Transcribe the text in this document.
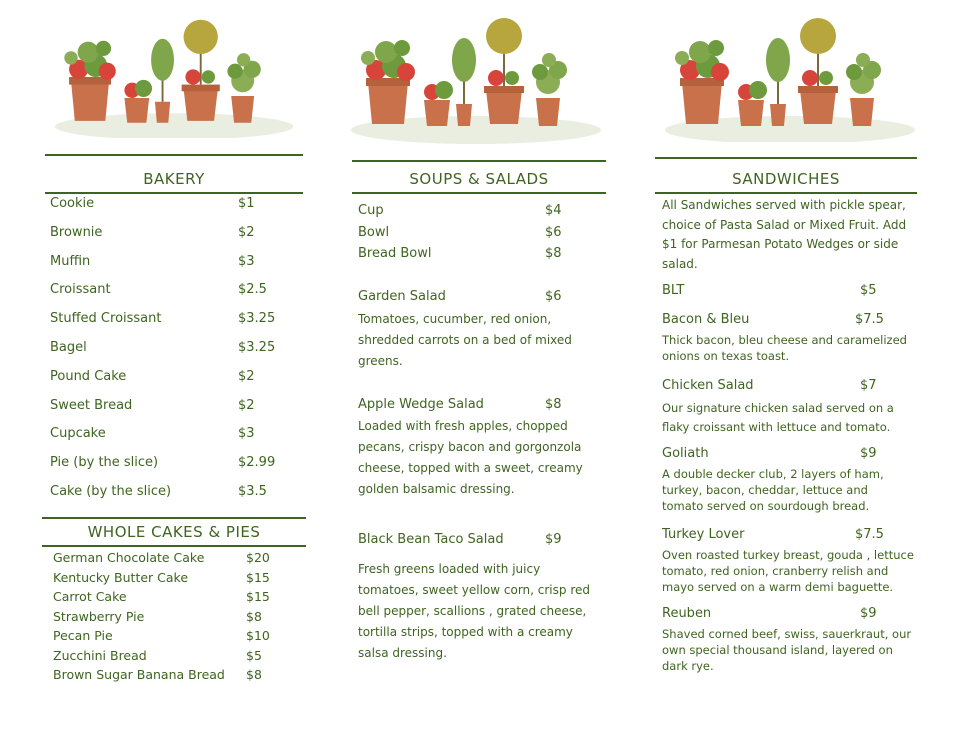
BAKERY
Cookie	$1
Brownie	$2
Muffin	$3
Croissant	$2.5
Stuffed Croissant	$3.25
Bagel	$3.25
Pound Cake	$2
Sweet Bread	$2
Cupcake	$3
Pie (by the slice)	$2.99
Cake (by the slice)	$3.5
WHOLE CAKES & PIES
German Chocolate Cake	$20
Kentucky Butter Cake	$15
Carrot Cake	$15
Strawberry Pie	$8
Pecan Pie	$10
Zucchini Bread	$5
Brown Sugar Banana Bread $8
SOUPS & SALADS
Cup	$4
Bowl	$6
Bread Bowl	$8
Garden Salad	$6
Tomatoes, cucumber, red onion, shredded carrots on a bed of mixed greens.
Apple Wedge Salad	$8
Loaded with fresh apples, chopped pecans, crispy bacon and gorgonzola cheese, topped with a sweet, creamy golden balsamic dressing.
Black Bean Taco Salad	$9
Fresh greens loaded with juicy tomatoes, sweet yellow corn, crisp red bell pepper, scallions , grated cheese, tortilla strips, topped with a creamy salsa dressing.
SANDWICHES
All Sandwiches served with pickle spear, choice of Pasta Salad or Mixed Fruit. Add $1 for Parmesan Potato Wedges or side salad.
BLT	$5
Bacon & Bleu	$7.5
Thick bacon, bleu cheese and caramelized onions on texas toast.
Chicken Salad	$7
Our signature chicken salad served on a flaky croissant with lettuce and tomato.
Goliath	$9
A double decker club, 2 layers of ham, turkey, bacon, cheddar, lettuce and tomato served on sourdough bread.
Turkey Lover	$7.5
Oven roasted turkey breast, gouda , lettuce tomato, red onion, cranberry relish and mayo served on a warm demi baguette.
Reuben	$9
Shaved corned beef, swiss, sauerkraut, our own special thousand island, layered on dark rye.
